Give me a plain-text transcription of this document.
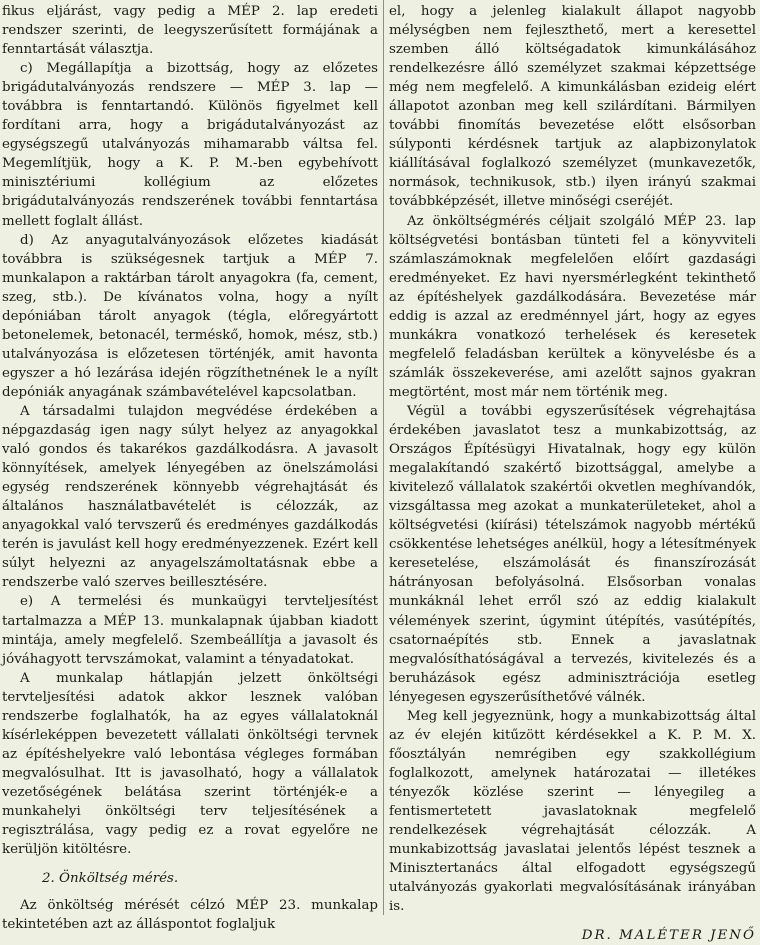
fikus eljárást, vagy pedig a MÉP 2. lap eredeti rendszer szerinti, de leegyszerűsített formájának a fenntartását választja.

c) Megállapítja a bizottság, hogy az előzetes brigádutalványozás rendszere — MÉP 3. lap — továbbra is fenntartandó. Különös figyelmet kell fordítani arra, hogy a brigádutalványozást az egységszegű utalványozás mihamarabb váltsa fel. Megemlítjük, hogy a K. P. M.-ben egybehívott minisztériumi kollégium az előzetes brigádutalványozás rendszerének további fenntartása mellett foglalt állást.

d) Az anyagutalványozások előzetes kiadását továbbra is szükségesnek tartjuk a MÉP 7. munkalapon a raktárban tárolt anyagokra (fa, cement, szeg, stb.). De kívánatos volna, hogy a nyílt depóniában tárolt anyagok (tégla, előregyártott betonelemek, betonacél, terméskő, homok, mész, stb.) utalványozása is előzetesen történjék, amit havonta egyszer a hó lezárása idején rögzíthetnének le a nyílt depóniák anyagának számbavételével kapcsolatban.

A társadalmi tulajdon megvédése érdekében a népgazdaság igen nagy súlyt helyez az anyagokkal való gondos és takarékos gazdálkodásra. A javasolt könnyítések, amelyek lényegében az önelszámolási egység rendszerének könnyebb végrehajtását és általános használatbavételét is célozzák, az anyagokkal való tervszerű és eredményes gazdálkodás terén is javulást kell hogy eredményezzenek. Ezért kell súlyt helyezni az anyagelszámoltatásnak ebbe a rendszerbe való szerves beillesztésére.

e) A termelési és munkaügyi tervteljesítést tartalmazza a MÉP 13. munkalapnak újabban kiadott mintája, amely megfelelő. Szembeállítja a javasolt és jóváhagyott tervszámokat, valamint a tényadatokat.

A munkalap hátlapján jelzett önköltségi tervteljesítési adatok akkor lesznek valóban rendszerbe foglalhatók, ha az egyes vállalatoknál kísérleképpen bevezetett vállalati önköltségi tervnek az építéshelyekre való lebontása végleges formában megvalósulhat. Itt is javasolható, hogy a vállalatok vezetőségének belátása szerint történjék-e a munkahelyi önköltségi terv teljesítésének a regisztrálása, vagy pedig ez a rovat egyelőre ne kerüljön kitöltésre.

2. Önköltség mérés.

Az önköltség mérését célzó MÉP 23. munkalap tekintetében azt az álláspontot foglaljuk

el, hogy a jelenleg kialakult állapot nagyobb mélységben nem fejleszthető, mert a keresettel szemben álló költségadatok kimunkálásához rendelkezésre álló személyzet szakmai képzettsége még nem megfelelő. A kimunkálásban ezideig elért állapotot azonban meg kell szilárdítani. Bármilyen további finomítás bevezetése előtt elsősorban súlyponti kérdésnek tartjuk az alapbizonylatok kiállításával foglalkozó személyzet (munkavezetők, normások, technikusok, stb.) ilyen irányú szakmai továbbképzését, illetve minőségi cseréjét.

Az önköltségmérés céljait szolgáló MÉP 23. lap költségvetési bontásban tünteti fel a könyvviteli számlaszámoknak megfelelően előírt gazdasági eredményeket. Ez havi nyersmérlegként tekinthető az építéshelyek gazdálkodására. Bevezetése már eddig is azzal az eredménnyel járt, hogy az egyes munkákra vonatkozó terhelések és keresetek megfelelő feladásban kerültek a könyvelésbe és a számlák összekeverése, ami azelőtt sajnos gyakran megtörtént, most már nem történik meg.

Végül a további egyszerűsítések végrehajtása érdekében javaslatot tesz a munkabizottság, az Országos Építésügyi Hivatalnak, hogy egy külön megalakítandó szakértő bizottsággal, amelybe a kivitelező vállalatok szakértői okvetlen meghívandók, vizsgáltassa meg azokat a munkaterületeket, ahol a költségvetési (kiírási) tételszámok nagyobb mértékű csökkentése lehetséges anélkül, hogy a létesítmények keresetelése, elszámolását és finanszírozását hátrányosan befolyásolná. Elsősorban vonalas munkáknál lehet erről szó az eddig kialakult vélemények szerint, úgymint útépítés, vasútépítés, csatornaépítés stb. Ennek a javaslatnak megvalósíthatóságával a tervezés, kivitelezés és a beruházások egész adminisztrációja esetleg lényegesen egyszerűsíthetővé válnék.

Meg kell jegyeznünk, hogy a munkabizottság által az év elején kitűzött kérdésekkel a K. P. M. X. főosztályán nemrégiben egy szakkollégium foglalkozott, amelynek határozatai — illetékes tényezők közlése szerint — lényegileg a fentismertetett javaslatoknak megfelelő rendelkezések végrehajtását célozzák. A munkabizottság javaslatai jelentős lépést tesznek a Minisztertanács által elfogadott egységszegű utalványozás gyakorlati megvalósításának irányában is.

DR. MALÉTER JENŐ
